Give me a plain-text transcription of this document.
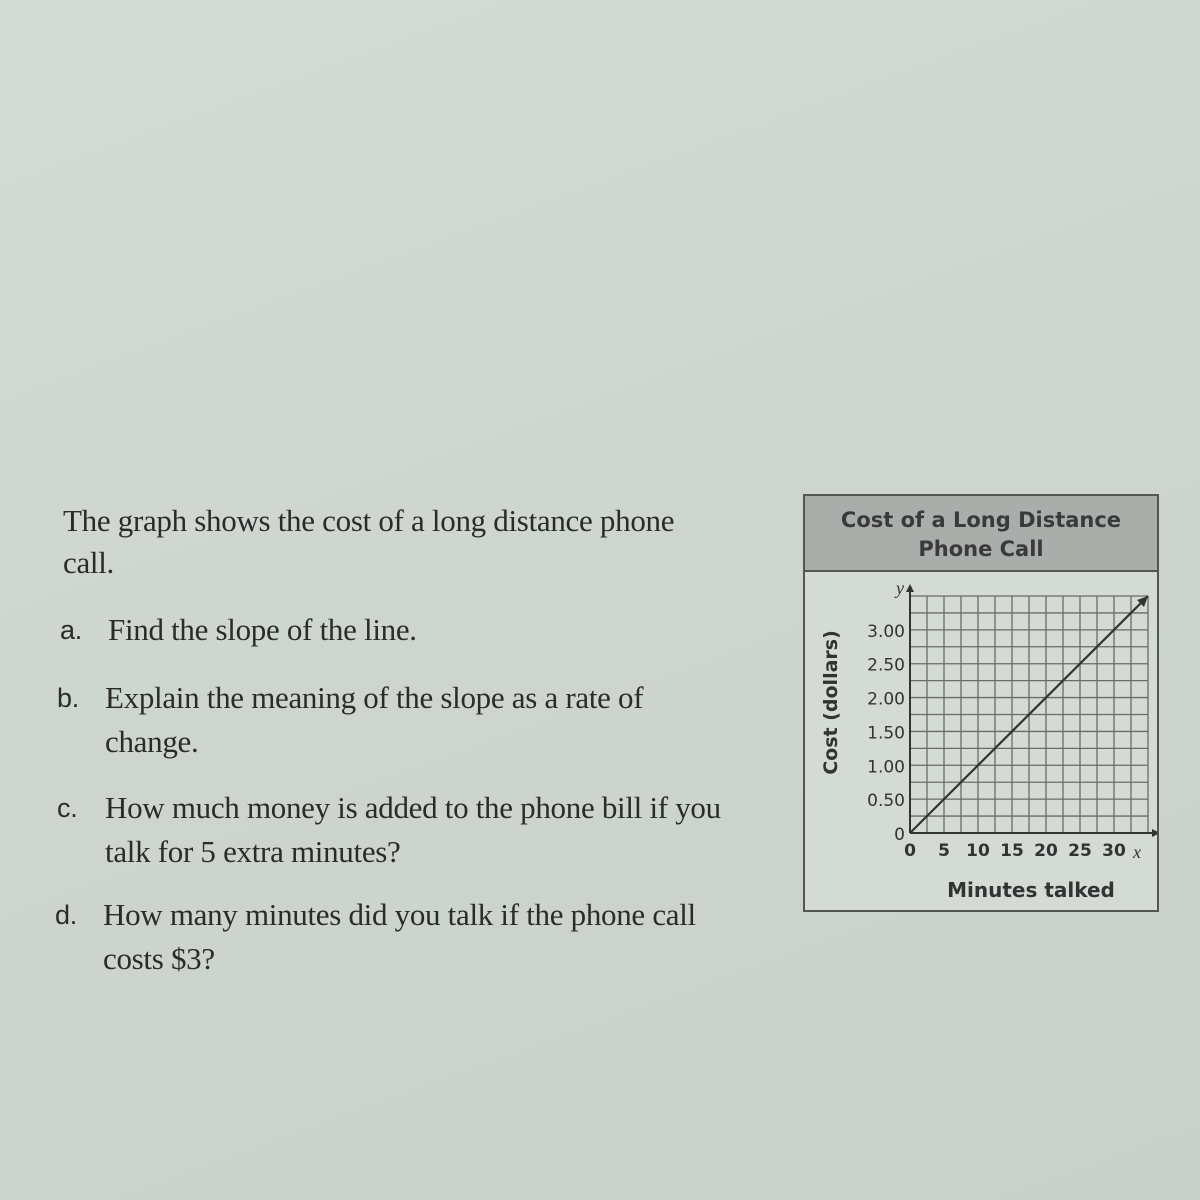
The graph shows the cost of a long distance phone call.
a. Find the slope of the line.
b. Explain the meaning of the slope as a rate of change.
c. How much money is added to the phone bill if you talk for 5 extra minutes?
d. How many minutes did you talk if the phone call costs $3?
Cost of a Long Distance Phone Call
y
x
0
0.50
1.00
1.50
2.00
2.50
3.00
0 5 10 15 20 25 30
Minutes talked
Cost (dollars)
